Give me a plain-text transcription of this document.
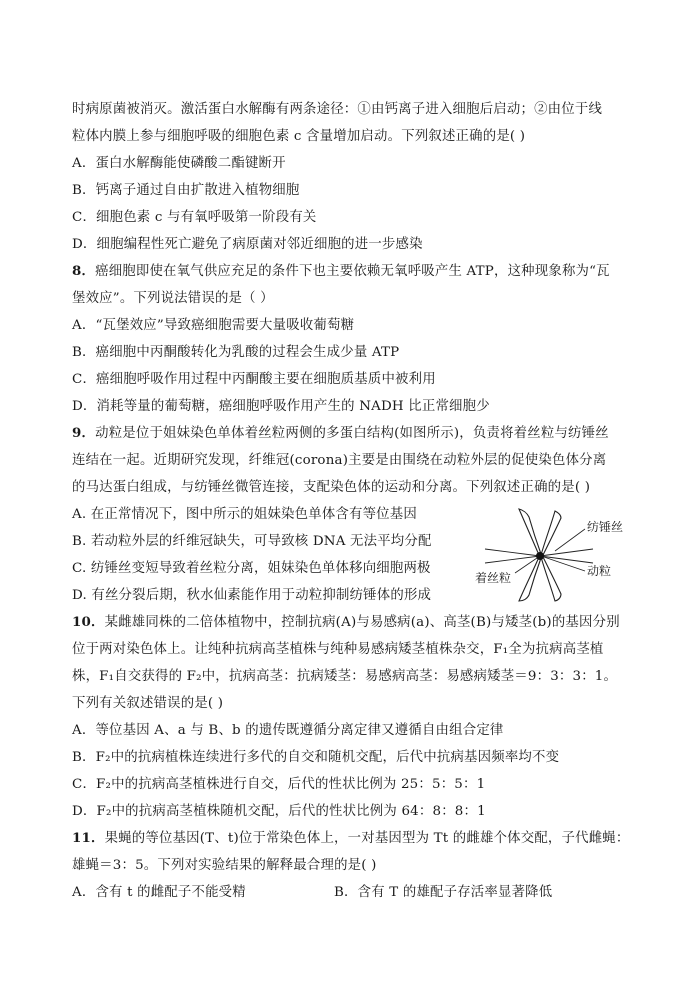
时病原菌被消灭。激活蛋白水解酶有两条途径：①由钙离子进入细胞后启动；②由位于线
粒体内膜上参与细胞呼吸的细胞色素 c 含量增加启动。下列叙述正确的是( )
A．蛋白水解酶能使磷酸二酯键断开
B．钙离子通过自由扩散进入植物细胞
C．细胞色素 c 与有氧呼吸第一阶段有关
D．细胞编程性死亡避免了病原菌对邻近细胞的进一步感染
8．癌细胞即使在氧气供应充足的条件下也主要依赖无氧呼吸产生 ATP，这种现象称为“瓦
堡效应”。下列说法错误的是（ ）
A．“瓦堡效应”导致癌细胞需要大量吸收葡萄糖
B．癌细胞中丙酮酸转化为乳酸的过程会生成少量 ATP
C．癌细胞呼吸作用过程中丙酮酸主要在细胞质基质中被利用
D．消耗等量的葡萄糖，癌细胞呼吸作用产生的 NADH 比正常细胞少
9．动粒是位于姐妹染色单体着丝粒两侧的多蛋白结构(如图所示)，负责将着丝粒与纺锤丝
连结在一起。近期研究发现，纤维冠(corona)主要是由围绕在动粒外层的促使染色体分离
的马达蛋白组成，与纺锤丝微管连接，支配染色体的运动和分离。下列叙述正确的是( )
A. 在正常情况下，图中所示的姐妹染色单体含有等位基因
B. 若动粒外层的纤维冠缺失，可导致核 DNA 无法平均分配
C. 纺锤丝变短导致着丝粒分离，姐妹染色单体移向细胞两极
D. 有丝分裂后期，秋水仙素能作用于动粒抑制纺锤体的形成
纺锤丝
动粒
着丝粒
10．某雌雄同株的二倍体植物中，控制抗病(A)与易感病(a)、高茎(B)与矮茎(b)的基因分别
位于两对染色体上。让纯种抗病高茎植株与纯种易感病矮茎植株杂交，F₁全为抗病高茎植
株，F₁自交获得的 F₂中，抗病高茎：抗病矮茎：易感病高茎：易感病矮茎＝9：3：3：1。
下列有关叙述错误的是( )
A．等位基因 A、a 与 B、b 的遗传既遵循分离定律又遵循自由组合定律
B．F₂中的抗病植株连续进行多代的自交和随机交配，后代中抗病基因频率均不变
C．F₂中的抗病高茎植株进行自交，后代的性状比例为 25：5：5：1
D．F₂中的抗病高茎植株随机交配，后代的性状比例为 64：8：8：1
11．果蝇的等位基因(T、t)位于常染色体上，一对基因型为 Tt 的雌雄个体交配，子代雌蝇：
雄蝇＝3：5。下列对实验结果的解释最合理的是( )
A．含有 t 的雌配子不能受精	B．含有 T 的雄配子存活率显著降低
